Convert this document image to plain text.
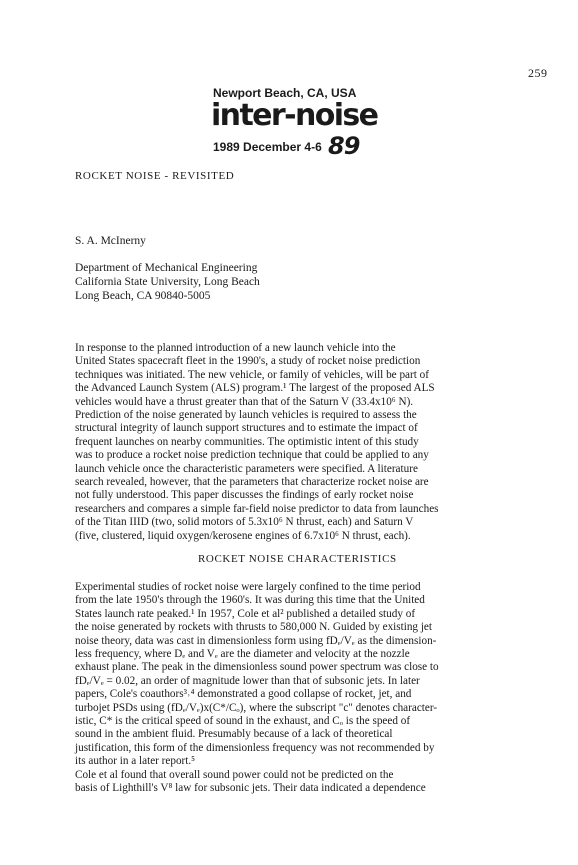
259
Newport Beach, CA, USA
inter-noise
1989 December 4-6 89
ROCKET NOISE - REVISITED
S. A. McInerny
Department of Mechanical Engineering
California State University, Long Beach
Long Beach, CA 90840-5005
In response to the planned introduction of a new launch vehicle into the
United States spacecraft fleet in the 1990's, a study of rocket noise prediction
techniques was initiated. The new vehicle, or family of vehicles, will be part of
the Advanced Launch System (ALS) program.¹ The largest of the proposed ALS
vehicles would have a thrust greater than that of the Saturn V (33.4x10⁶ N).
Prediction of the noise generated by launch vehicles is required to assess the
structural integrity of launch support structures and to estimate the impact of
frequent launches on nearby communities. The optimistic intent of this study
was to produce a rocket noise prediction technique that could be applied to any
launch vehicle once the characteristic parameters were specified. A literature
search revealed, however, that the parameters that characterize rocket noise are
not fully understood. This paper discusses the findings of early rocket noise
researchers and compares a simple far-field noise predictor to data from launches
of the Titan IIID (two, solid motors of 5.3x10⁶ N thrust, each) and Saturn V
(five, clustered, liquid oxygen/kerosene engines of 6.7x10⁶ N thrust, each).
ROCKET NOISE CHARACTERISTICS
Experimental studies of rocket noise were largely confined to the time period
from the late 1950's through the 1960's. It was during this time that the United
States launch rate peaked.¹ In 1957, Cole et al² published a detailed study of
the noise generated by rockets with thrusts to 580,000 N. Guided by existing jet
noise theory, data was cast in dimensionless form using fDₑ/Vₑ as the dimension-
less frequency, where Dₑ and Vₑ are the diameter and velocity at the nozzle
exhaust plane. The peak in the dimensionless sound power spectrum was close to
fDₑ/Vₑ = 0.02, an order of magnitude lower than that of subsonic jets. In later
papers, Cole's coauthors³˒⁴ demonstrated a good collapse of rocket, jet, and
turbojet PSDs using (fDₑ/Vₑ)x(C*/Cₒ), where the subscript "c" denotes character-
istic, C* is the critical speed of sound in the exhaust, and Cₒ is the speed of
sound in the ambient fluid. Presumably because of a lack of theoretical
justification, this form of the dimensionless frequency was not recommended by
its author in a later report.⁵
Cole et al found that overall sound power could not be predicted on the
basis of Lighthill's V⁸ law for subsonic jets. Their data indicated a dependence
